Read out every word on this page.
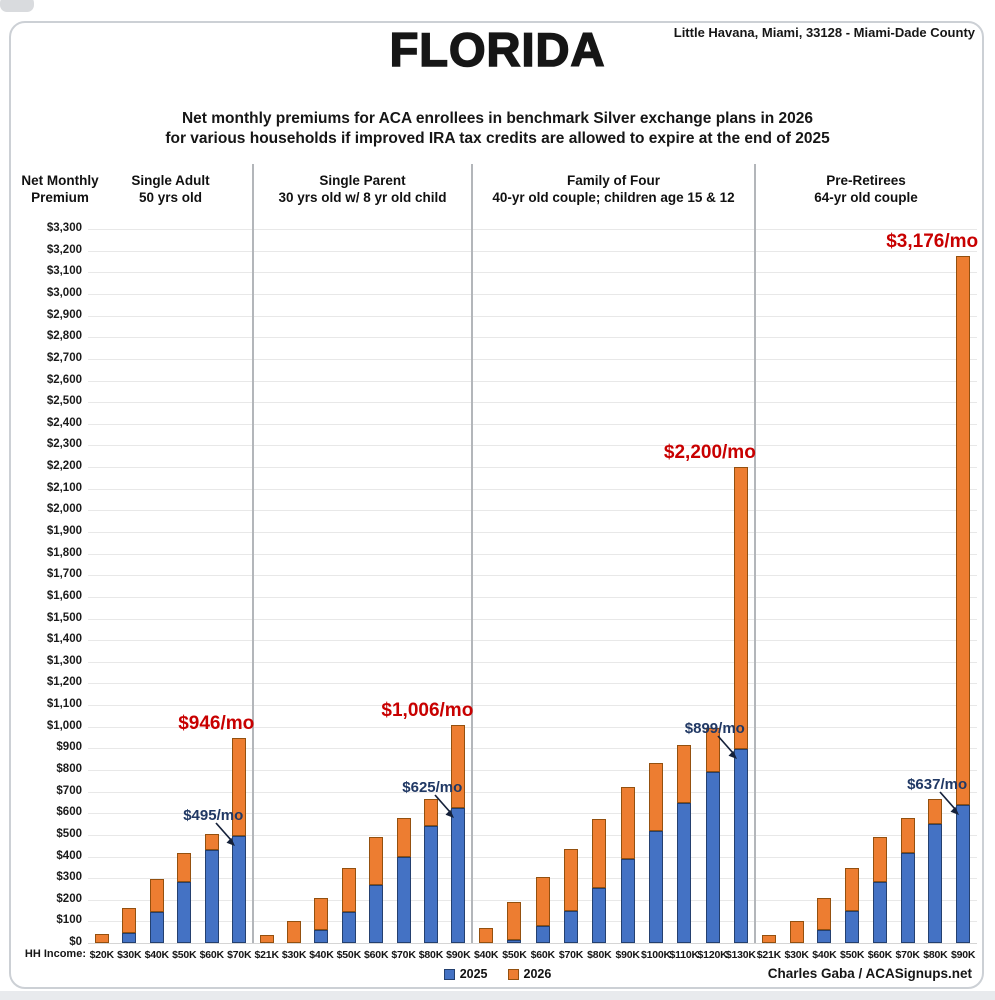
FLORIDA	Little Havana, Miami, 33128 - Miami-Dade County
Net monthly premiums for ACA enrollees in benchmark Silver exchange plans in 2026
for various households if improved IRA tax credits are allowed to expire at the end of 2025
Net Monthly
Premium
$0
$100
$200
$300
$400
$500
$600
$700
$800
$900
$1,000
$1,100
$1,200
$1,300
$1,400
$1,500
$1,600
$1,700
$1,800
$1,900
$2,000
$2,100
$2,200
$2,300
$2,400
$2,500
$2,600
$2,700
$2,800
$2,900
$3,000
$3,100
$3,200
$3,300
$20K $30K $40K $50K $60K $70K
$946/mo
$495/mo
$21K $30K $40K $50K $60K $70K $80K $90K
$1,006/mo
$625/mo
$40K $50K $60K $70K $80K $90K $100K
$110K
$120K
$130K
$2,200/mo
$899/mo
$21K $30K $40K $50K $60K $70K $80K $90K
$3,176/mo
$637/mo
HH Income:
2025	2026	Charles Gaba / ACASignups.net
Single Adult
50 yrs old
Single Parent
30 yrs old w/ 8 yr old child
Family of Four
40-yr old couple; children age 15 & 12
Pre-Retirees
64-yr old couple
